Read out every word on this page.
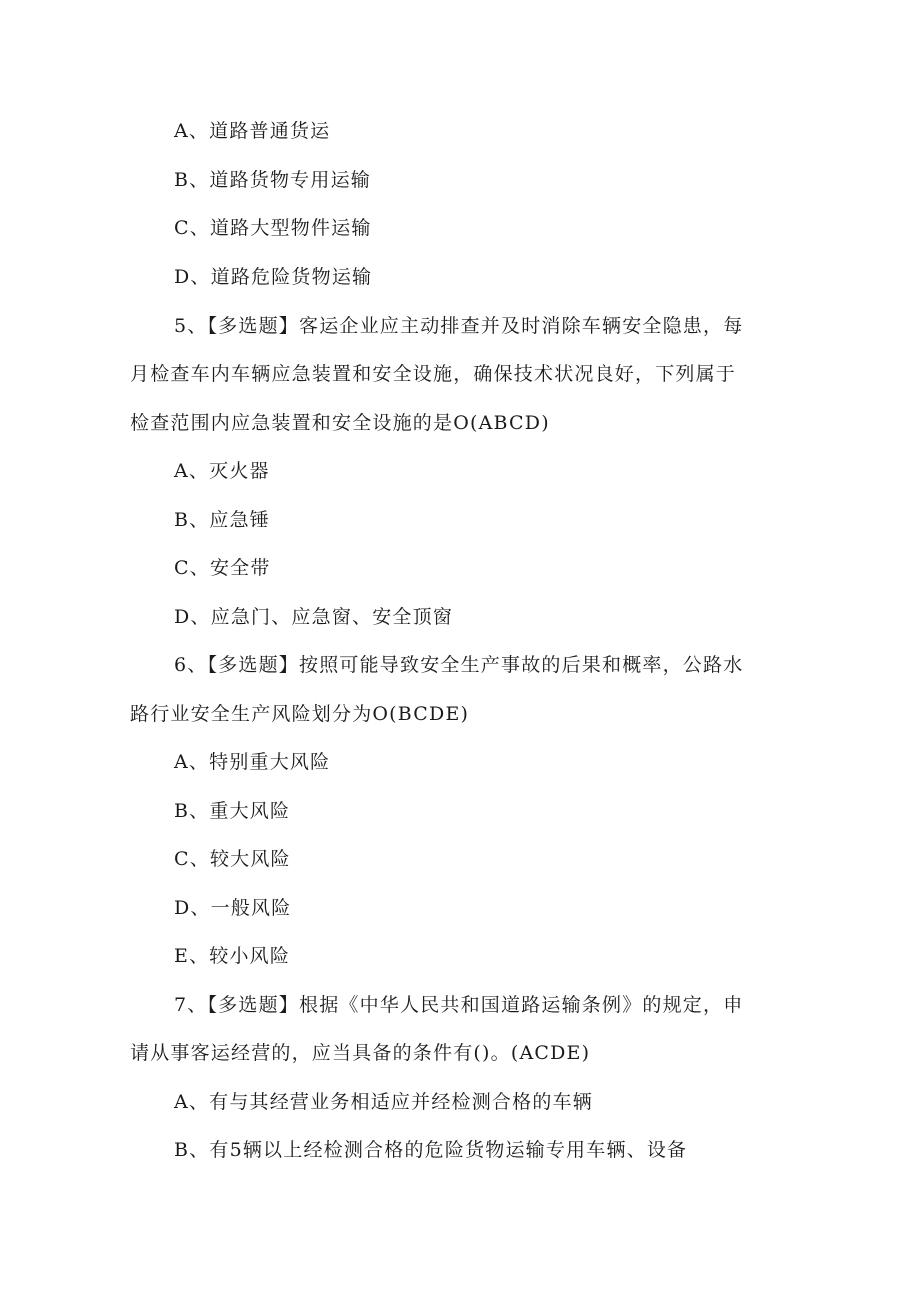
A、道路普通货运
B、道路货物专用运输
C、道路大型物件运输
D、道路危险货物运输
5、【多选题】客运企业应主动排查并及时消除车辆安全隐患，每
月检查车内车辆应急装置和安全设施，确保技术状况良好，下列属于
检查范围内应急装置和安全设施的是O(ABCD)
A、灭火器
B、应急锤
C、安全带
D、应急门、应急窗、安全顶窗
6、【多选题】按照可能导致安全生产事故的后果和概率，公路水
路行业安全生产风险划分为O(BCDE)
A、特别重大风险
B、重大风险
C、较大风险
D、一般风险
E、较小风险
7、【多选题】根据《中华人民共和国道路运输条例》的规定，申
请从事客运经营的，应当具备的条件有()。(ACDE)
A、有与其经营业务相适应并经检测合格的车辆
B、有5辆以上经检测合格的危险货物运输专用车辆、设备
